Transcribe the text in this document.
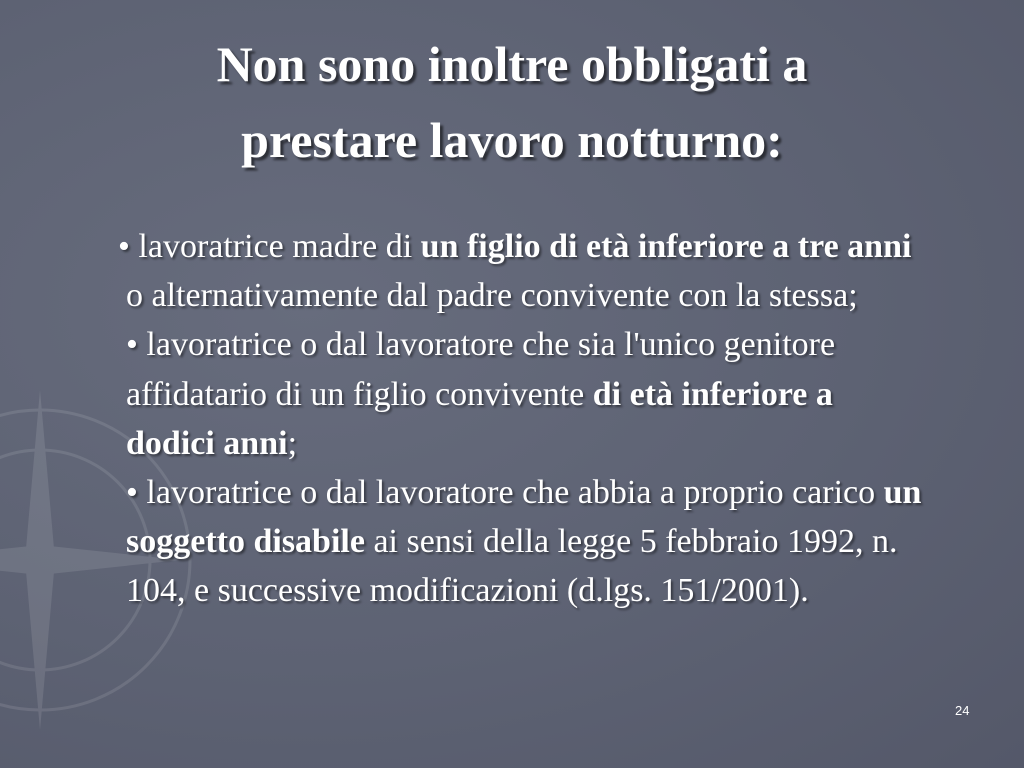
Non sono inoltre obbligati a
prestare lavoro notturno:
• lavoratrice madre di un figlio di età inferiore a tre anni o alternativamente dal padre convivente con la stessa;
• lavoratrice o dal lavoratore che sia l'unico genitore affidatario di un figlio convivente di età inferiore a dodici anni;
• lavoratrice o dal lavoratore che abbia a proprio carico un soggetto disabile ai sensi della legge 5 febbraio 1992, n. 104, e successive modificazioni (d.lgs. 151/2001).
24
